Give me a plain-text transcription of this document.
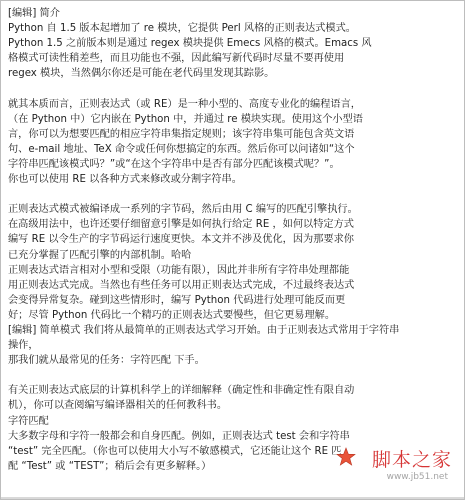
[编辑] 简介
Python 自 1.5 版本起增加了 re 模块，它提供 Perl 风格的正则表达式模式。
Python 1.5 之前版本则是通过 regex 模块提供 Emecs 风格的模式。Emacs 风
格模式可读性稍差些，而且功能也不强，因此编写新代码时尽量不要再使用
regex 模块，当然偶尔你还是可能在老代码里发现其踪影。
就其本质而言，正则表达式（或 RE）是一种小型的、高度专业化的编程语言，
（在 Python 中）它内嵌在 Python 中，并通过 re 模块实现。使用这个小型语
言，你可以为想要匹配的相应字符串集指定规则；该字符串集可能包含英文语
句、e-mail 地址、TeX 命令或任何你想搞定的东西。然后你可以问诸如“这个
字符串匹配该模式吗？”或“在这个字符串中是否有部分匹配该模式呢？”。
你也可以使用 RE 以各种方式来修改或分割字符串。
正则表达式模式被编译成一系列的字节码，然后由用 C 编写的匹配引擎执行。
在高级用法中，也许还要仔细留意引擎是如何执行给定 RE ，如何以特定方式
编写 RE 以令生产的字节码运行速度更快。本文并不涉及优化，因为那要求你
已充分掌握了匹配引擎的内部机制。哈哈
正则表达式语言相对小型和受限（功能有限），因此并非所有字符串处理都能
用正则表达式完成。当然也有些任务可以用正则表达式完成，不过最终表达式
会变得异常复杂。碰到这些情形时，编写 Python 代码进行处理可能反而更
好；尽管 Python 代码比一个精巧的正则表达式要慢些，但它更易理解。
[编辑] 简单模式 我们将从最简单的正则表达式学习开始。由于正则表达式常用于字符串
操作，
那我们就从最常见的任务：字符匹配 下手。
有关正则表达式底层的计算机科学上的详细解释（确定性和非确定性有限自动
机），你可以查阅编写编译器相关的任何教科书。
字符匹配
大多数字母和字符一般都会和自身匹配。例如，正则表达式 test 会和字符串
“test” 完全匹配。（你也可以使用大小写不敏感模式，它还能让这个 RE 匹
配 “Test” 或 “TEST”；稍后会有更多解释。）	脚本之家
www.jb51.net
